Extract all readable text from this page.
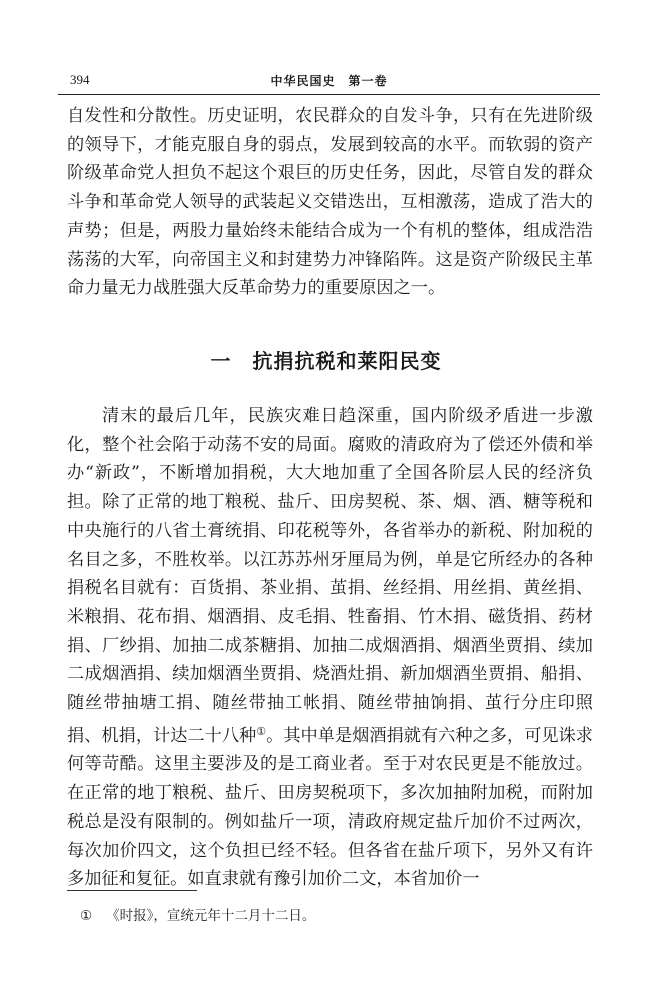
394	中华民国史　第一卷

自发性和分散性。历史证明，农民群众的自发斗争，只有在先进阶级的领导下，才能克服自身的弱点，发展到较高的水平。而软弱的资产阶级革命党人担负不起这个艰巨的历史任务，因此，尽管自发的群众斗争和革命党人领导的武装起义交错迭出，互相激荡，造成了浩大的声势；但是，两股力量始终未能结合成为一个有机的整体，组成浩浩荡荡的大军，向帝国主义和封建势力冲锋陷阵。这是资产阶级民主革命力量无力战胜强大反革命势力的重要原因之一。

一　抗捐抗税和莱阳民变

清末的最后几年，民族灾难日趋深重，国内阶级矛盾进一步激化，整个社会陷于动荡不安的局面。腐败的清政府为了偿还外债和举办“新政”，不断增加捐税，大大地加重了全国各阶层人民的经济负担。除了正常的地丁粮税、盐斤、田房契税、茶、烟、酒、糖等税和中央施行的八省土膏统捐、印花税等外，各省举办的新税、附加税的名目之多，不胜枚举。以江苏苏州牙厘局为例，单是它所经办的各种捐税名目就有：百货捐、茶业捐、茧捐、丝经捐、用丝捐、黄丝捐、米粮捐、花布捐、烟酒捐、皮毛捐、牲畜捐、竹木捐、磁货捐、药材捐、厂纱捐、加抽二成茶糖捐、加抽二成烟酒捐、烟酒坐贾捐、续加二成烟酒捐、续加烟酒坐贾捐、烧酒灶捐、新加烟酒坐贾捐、船捐、随丝带抽塘工捐、随丝带抽工帐捐、随丝带抽饷捐、茧行分庄印照捐、机捐，计达二十八种①。其中单是烟酒捐就有六种之多，可见诛求何等苛酷。这里主要涉及的是工商业者。至于对农民更是不能放过。在正常的地丁粮税、盐斤、田房契税项下，多次加抽附加税，而附加税总是没有限制的。例如盐斤一项，清政府规定盐斤加价不过两次，每次加价四文，这个负担已经不轻。但各省在盐斤项下，另外又有许多加征和复征。如直隶就有豫引加价二文，本省加价一

① 《时报》，宣统元年十二月十二日。
